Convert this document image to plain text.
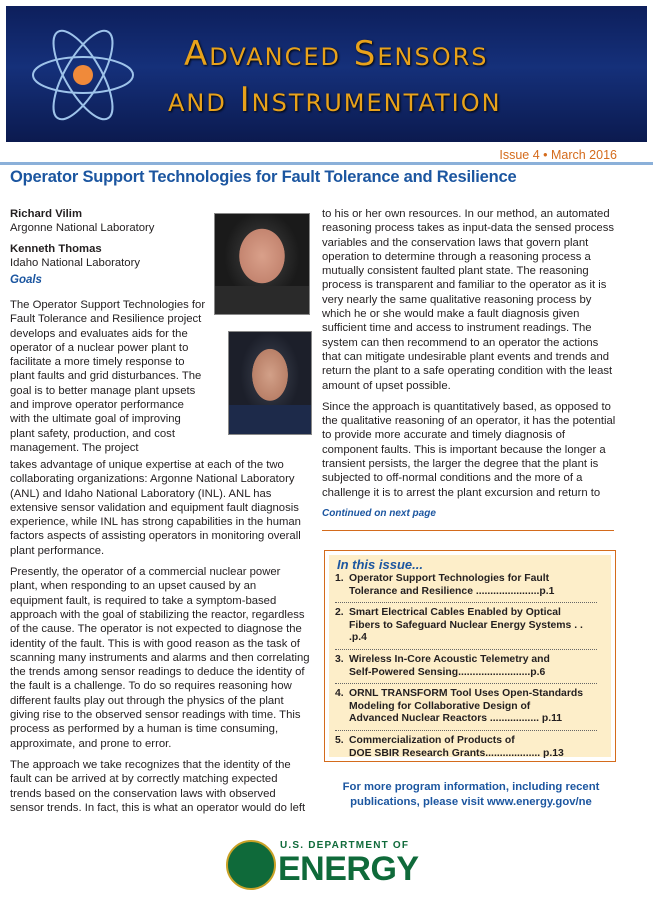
Advanced Sensors
and Instrumentation
Issue 4 • March 2016
Operator Support Technologies for Fault Tolerance and Resilience
Richard Vilim
Argonne National Laboratory
Kenneth Thomas
Idaho National Laboratory
Goals
The Operator Support Technologies for Fault Tolerance and Resilience project develops and evaluates aids for the operator of a nuclear power plant to facilitate a more timely response to plant faults and grid disturbances. The goal is to better manage plant upsets and improve operator performance with the ultimate goal of improving plant safety, production, and cost management. The project

takes advantage of unique expertise at each of the two collaborating organizations: Argonne National Laboratory (ANL) and Idaho National Laboratory (INL). ANL has extensive sensor validation and equipment fault diagnosis experience, while INL has strong capabilities in the human factors aspects of assisting operators in monitoring overall plant performance.

Presently, the operator of a commercial nuclear power plant, when responding to an upset caused by an equipment fault, is required to take a symptom-based approach with the goal of stabilizing the reactor, regardless of the cause. The operator is not expected to diagnose the identity of the fault. This is with good reason as the task of scanning many instruments and alarms and then correlating the trends among sensor readings to deduce the identity of the fault is a challenge. To do so requires reasoning how different faults play out through the physics of the plant giving rise to the observed sensor readings with time. This process as performed by a human is time consuming, approximate, and prone to error.

The approach we take recognizes that the identity of the fault can be arrived at by correctly matching expected trends based on the conservation laws with observed sensor trends. In fact, this is what an operator would do left

to his or her own resources. In our method, an automated reasoning process takes as input-data the sensed process variables and the conservation laws that govern plant operation to determine through a reasoning process a mutually consistent faulted plant state. The reasoning process is transparent and familiar to the operator as it is very nearly the same qualitative reasoning process by which he or she would make a fault diagnosis given sufficient time and access to instrument readings. The system can then recommend to an operator the actions that can mitigate undesirable plant events and trends and return the plant to a safe operating condition with the least amount of upset possible.

Since the approach is quantitatively based, as opposed to the qualitative reasoning of an operator, it has the potential to provide more accurate and timely diagnosis of component faults. This is important because the longer a transient persists, the larger the degree that the plant is subjected to off-normal conditions and the more of a challenge it is to arrest the plant excursion and return to

Continued on next page
In this issue...
1. Operator Support Technologies for Fault
Tolerance and Resilience ......................p.1
2. Smart Electrical Cables Enabled by Optical
Fibers to Safeguard Nuclear Energy Systems . . .p.4
3. Wireless In-Core Acoustic Telemetry and
Self-Powered Sensing.........................p.6
4. ORNL TRANSFORM Tool Uses Open-Standards
Modeling for Collaborative Design of
Advanced Nuclear Reactors ................. p.11
5. Commercialization of Products of
DOE SBIR Research Grants................... p.13
For more program information, including recent publications, please visit www.energy.gov/ne
U.S. DEPARTMENT OF
ENERGY
